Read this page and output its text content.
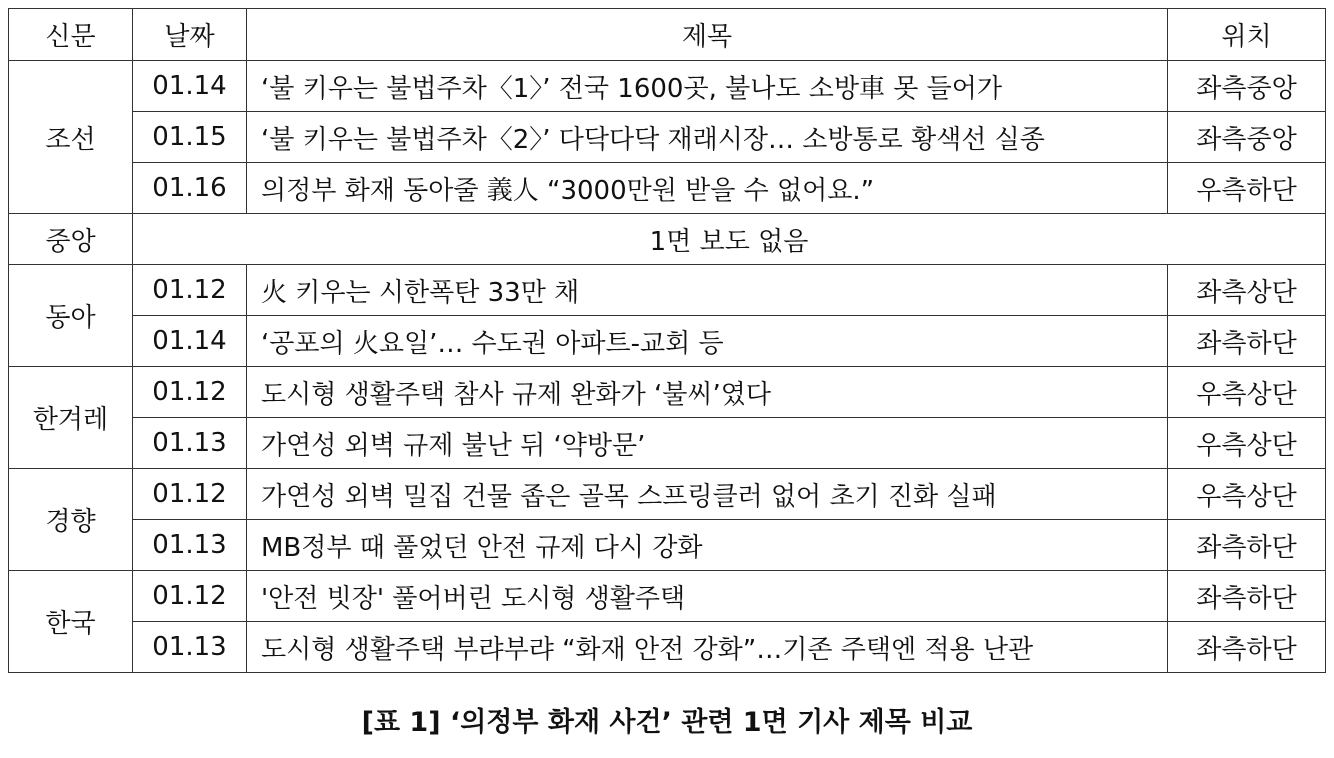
신문	날짜	제목	위치
조선	01.14	‘불 키우는 불법주차〈1〉’ 전국 1600곳, 불나도 소방車 못 들어가	좌측중앙
	01.15	‘불 키우는 불법주차〈2〉’ 다닥다닥 재래시장… 소방통로 황색선 실종	좌측중앙
	01.16	의정부 화재 동아줄 義人 “3000만원 받을 수 없어요.”	우측하단
중앙	1면 보도 없음		
동아	01.12	火 키우는 시한폭탄 33만 채	좌측상단
	01.14	‘공포의 火요일’… 수도권 아파트-교회 등	좌측하단
한겨레	01.12	도시형 생활주택 참사 규제 완화가 ‘불씨’였다	우측상단
	01.13	가연성 외벽 규제 불난 뒤 ‘약방문’	우측상단
경향	01.12	가연성 외벽 밀집 건물 좁은 골목 스프링클러 없어 초기 진화 실패	우측상단
	01.13	MB정부 때 풀었던 안전 규제 다시 강화	좌측하단
한국	01.12	'안전 빗장' 풀어버린 도시형 생활주택	좌측하단
	01.13	도시형 생활주택 부랴부랴 “화재 안전 강화”…기존 주택엔 적용 난관	좌측하단
[표 1] ‘의정부 화재 사건’ 관련 1면 기사 제목 비교
